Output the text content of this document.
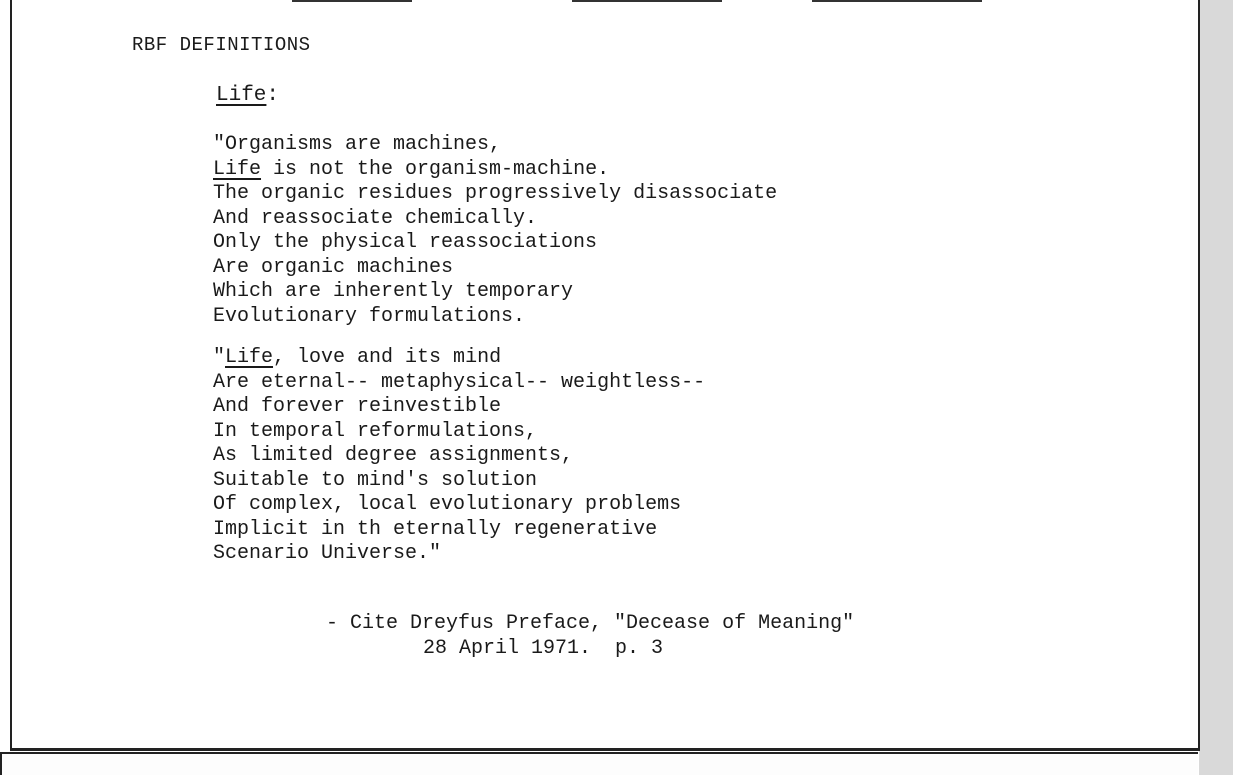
RBF DEFINITIONS

Life:

"Organisms are machines,
Life is not the organism-machine.
The organic residues progressively disassociate
And reassociate chemically.
Only the physical reassociations
Are organic machines
Which are inherently temporary
Evolutionary formulations.
"Life, love and its mind
Are eternal-- metaphysical-- weightless--
And forever reinvestible
In temporal reformulations,
As limited degree assignments,
Suitable to mind's solution
Of complex, local evolutionary problems
Implicit in th eternally regenerative
Scenario Universe."

- Cite Dreyfus Preface, "Decease of Meaning"

28 April 1971.  p. 3
